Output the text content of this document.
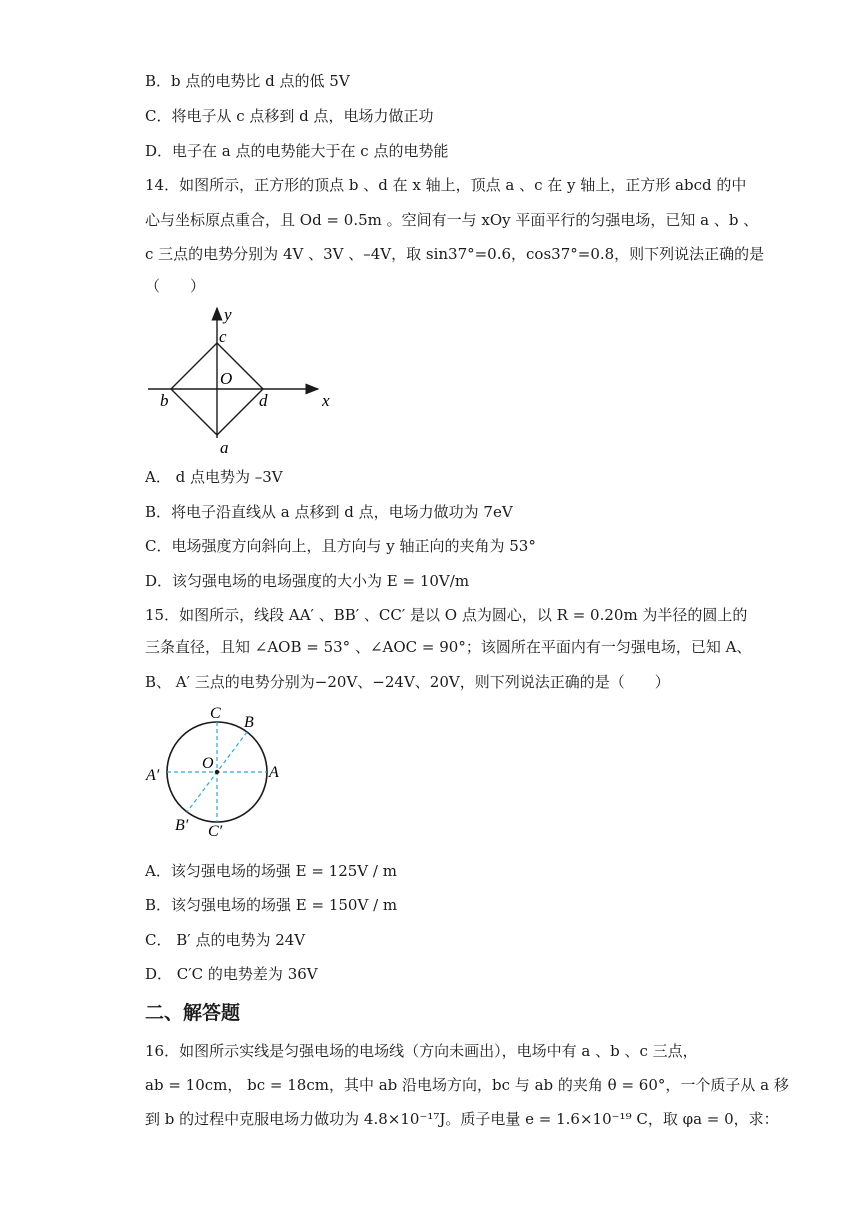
B．b 点的电势比 d 点的低 5V
C．将电子从 c 点移到 d 点，电场力做正功
D．电子在 a 点的电势能大于在 c 点的电势能
14．如图所示，正方形的顶点 b 、d 在 x 轴上，顶点 a 、c 在 y 轴上，正方形 abcd 的中
心与坐标原点重合，且 Od = 0.5m 。空间有一与 xOy 平面平行的匀强电场，已知 a 、b 、
c 三点的电势分别为 4V 、3V 、–4V，取 sin37°=0.6，cos37°=0.8，则下列说法正确的是
（　　）
x
y
c
O
b	d
a
A． d 点电势为 –3V
B．将电子沿直线从 a 点移到 d 点，电场力做功为 7eV
C．电场强度方向斜向上，且方向与 y 轴正向的夹角为 53°
D．该匀强电场的电场强度的大小为 E = 10V/m
15．如图所示，线段 AA′ 、BB′ 、CC′ 是以 O 点为圆心，以 R = 0.20m 为半径的圆上的
三条直径，且知 ∠AOB = 53° 、∠AOC = 90°；该圆所在平面内有一匀强电场，已知 A、
B、 A′ 三点的电势分别为−20V、−24V、20V，则下列说法正确的是（　　）
C
B
O
A′	A
B′ C′
A．该匀强电场的场强 E = 125V / m
B．该匀强电场的场强 E = 150V / m
C． B′ 点的电势为 24V
D． C′C 的电势差为 36V
二、解答题
16．如图所示实线是匀强电场的电场线（方向未画出），电场中有 a 、b 、c 三点，
ab = 10cm， bc = 18cm，其中 ab 沿电场方向，bc 与 ab 的夹角 θ = 60°，一个质子从 a 移
到 b 的过程中克服电场力做功为 4.8×10⁻¹⁷J。质子电量 e = 1.6×10⁻¹⁹ C，取 φa = 0，求：
